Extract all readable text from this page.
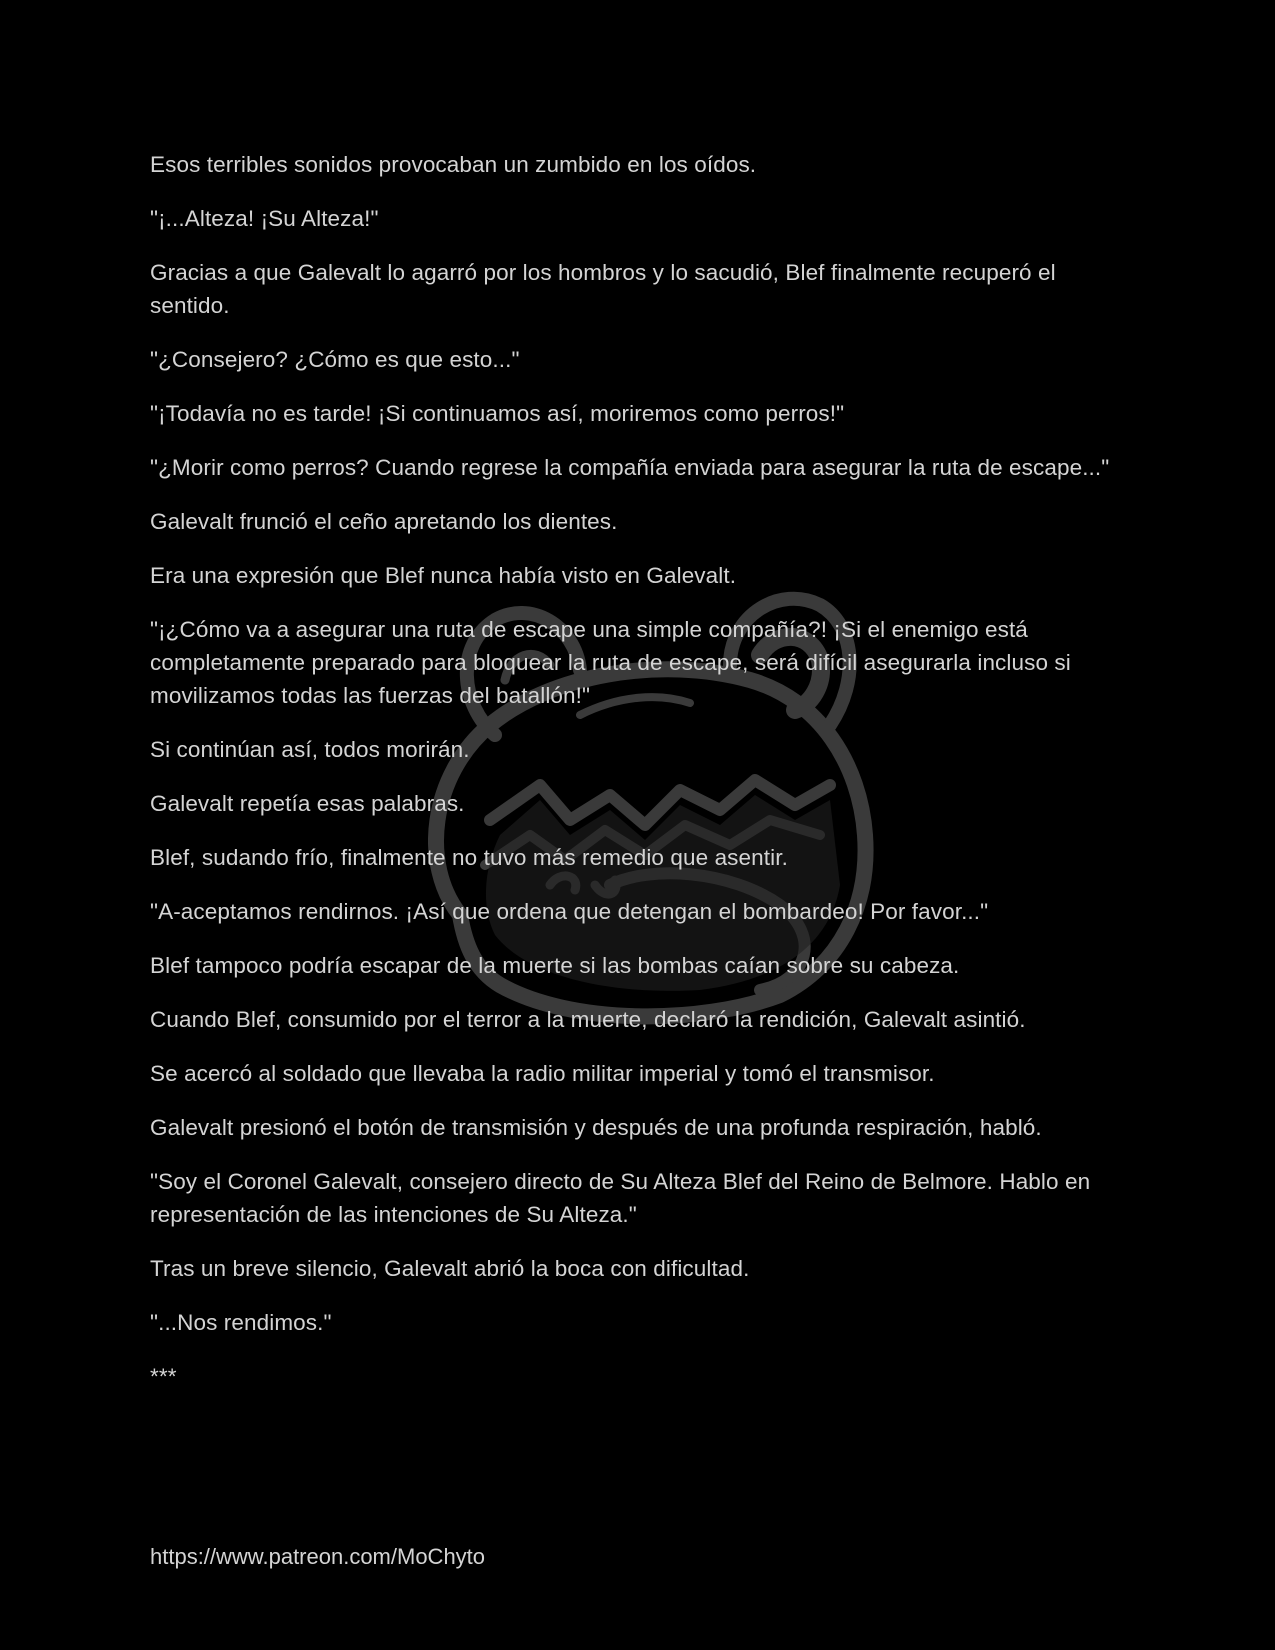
Esos terribles sonidos provocaban un zumbido en los oídos.

"¡...Alteza! ¡Su Alteza!"

Gracias a que Galevalt lo agarró por los hombros y lo sacudió, Blef finalmente recuperó el sentido.

"¿Consejero? ¿Cómo es que esto..."

"¡Todavía no es tarde! ¡Si continuamos así, moriremos como perros!"

"¿Morir como perros? Cuando regrese la compañía enviada para asegurar la ruta de escape..."

Galevalt frunció el ceño apretando los dientes.

Era una expresión que Blef nunca había visto en Galevalt.

"¡¿Cómo va a asegurar una ruta de escape una simple compañía?! ¡Si el enemigo está completamente preparado para bloquear la ruta de escape, será difícil asegurarla incluso si movilizamos todas las fuerzas del batallón!"

Si continúan así, todos morirán.

Galevalt repetía esas palabras.

Blef, sudando frío, finalmente no tuvo más remedio que asentir.

"A-aceptamos rendirnos. ¡Así que ordena que detengan el bombardeo! Por favor..."

Blef tampoco podría escapar de la muerte si las bombas caían sobre su cabeza.

Cuando Blef, consumido por el terror a la muerte, declaró la rendición, Galevalt asintió.

Se acercó al soldado que llevaba la radio militar imperial y tomó el transmisor.

Galevalt presionó el botón de transmisión y después de una profunda respiración, habló.

"Soy el Coronel Galevalt, consejero directo de Su Alteza Blef del Reino de Belmore. Hablo en representación de las intenciones de Su Alteza."

Tras un breve silencio, Galevalt abrió la boca con dificultad.

"...Nos rendimos."

***

https://www.patreon.com/MoChyto
